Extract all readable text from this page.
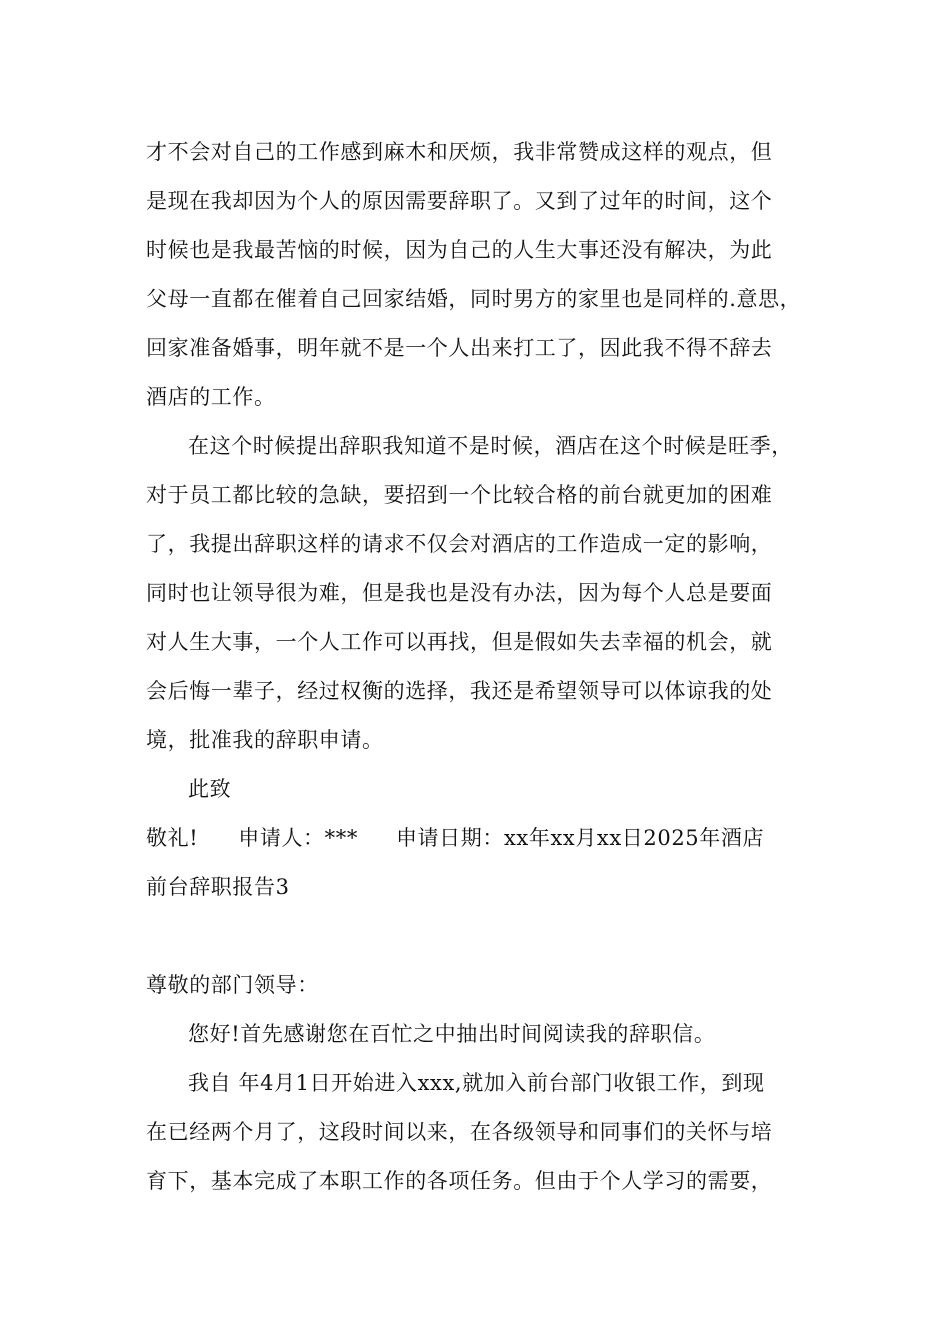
才不会对自己的工作感到麻木和厌烦，我非常赞成这样的观点，但

是现在我却因为个人的原因需要辞职了。又到了过年的时间，这个

时候也是我最苦恼的时候，因为自己的人生大事还没有解决，为此

父母一直都在催着自己回家结婚，同时男方的家里也是同样的.意思，

回家准备婚事，明年就不是一个人出来打工了，因此我不得不辞去

酒店的工作。

在这个时候提出辞职我知道不是时候，酒店在这个时候是旺季，

对于员工都比较的急缺，要招到一个比较合格的前台就更加的困难

了，我提出辞职这样的请求不仅会对酒店的工作造成一定的影响，

同时也让领导很为难，但是我也是没有办法，因为每个人总是要面

对人生大事，一个人工作可以再找，但是假如失去幸福的机会，就

会后悔一辈子，经过权衡的选择，我还是希望领导可以体谅我的处

境，批准我的辞职申请。

此致

敬礼! 申请人：*** 申请日期：xx年xx月xx日2025年酒店

前台辞职报告3

尊敬的部门领导：

您好!首先感谢您在百忙之中抽出时间阅读我的辞职信。

我自 年4月1日开始进入xxx,就加入前台部门收银工作，到现

在已经两个月了，这段时间以来，在各级领导和同事们的关怀与培

育下，基本完成了本职工作的各项任务。但由于个人学习的需要，
